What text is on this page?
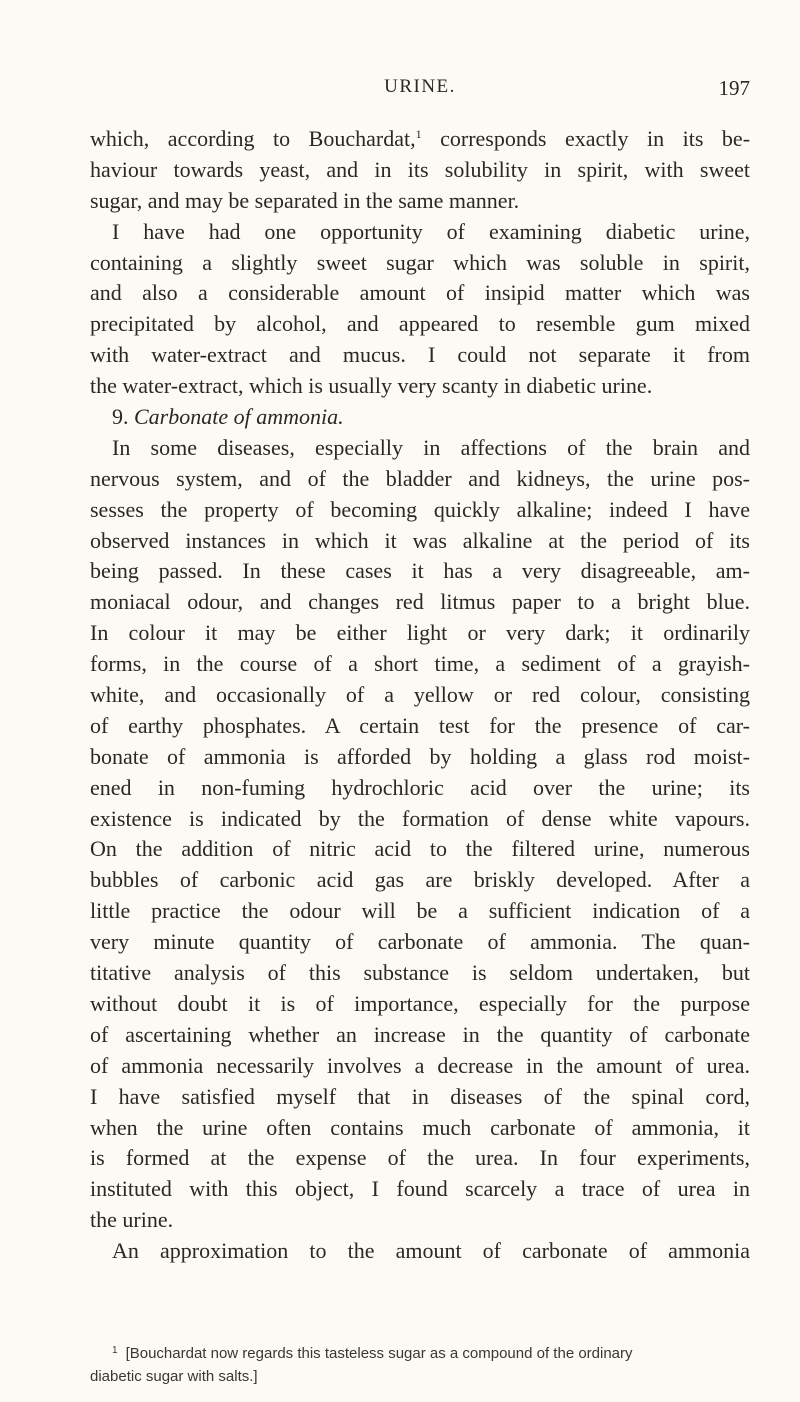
URINE.	197
which, according to Bouchardat,$^1$ corresponds exactly in its be-
haviour towards yeast, and in its solubility in spirit, with sweet
sugar, and may be separated in the same manner.
I have had one opportunity of examining diabetic urine,
containing a slightly sweet sugar which was soluble in spirit,
and also a considerable amount of insipid matter which was
precipitated by alcohol, and appeared to resemble gum mixed
with water-extract and mucus. I could not separate it from
the water-extract, which is usually very scanty in diabetic urine.
9. Carbonate of ammonia.
In some diseases, especially in affections of the brain and
nervous system, and of the bladder and kidneys, the urine pos-
sesses the property of becoming quickly alkaline; indeed I have
observed instances in which it was alkaline at the period of its
being passed. In these cases it has a very disagreeable, am-
moniacal odour, and changes red litmus paper to a bright blue.
In colour it may be either light or very dark; it ordinarily
forms, in the course of a short time, a sediment of a grayish-
white, and occasionally of a yellow or red colour, consisting
of earthy phosphates. A certain test for the presence of car-
bonate of ammonia is afforded by holding a glass rod moist-
ened in non-fuming hydrochloric acid over the urine; its
existence is indicated by the formation of dense white vapours.
On the addition of nitric acid to the filtered urine, numerous
bubbles of carbonic acid gas are briskly developed. After a
little practice the odour will be a sufficient indication of a
very minute quantity of carbonate of ammonia. The quan-
titative analysis of this substance is seldom undertaken, but
without doubt it is of importance, especially for the purpose
of ascertaining whether an increase in the quantity of carbonate
of ammonia necessarily involves a decrease in the amount of urea.
I have satisfied myself that in diseases of the spinal cord,
when the urine often contains much carbonate of ammonia, it
is formed at the expense of the urea. In four experiments,
instituted with this object, I found scarcely a trace of urea in
the urine.
An approximation to the amount of carbonate of ammonia
$^1$ [Bouchardat now regards this tasteless sugar as a compound of the ordinary
diabetic sugar with salts.]
